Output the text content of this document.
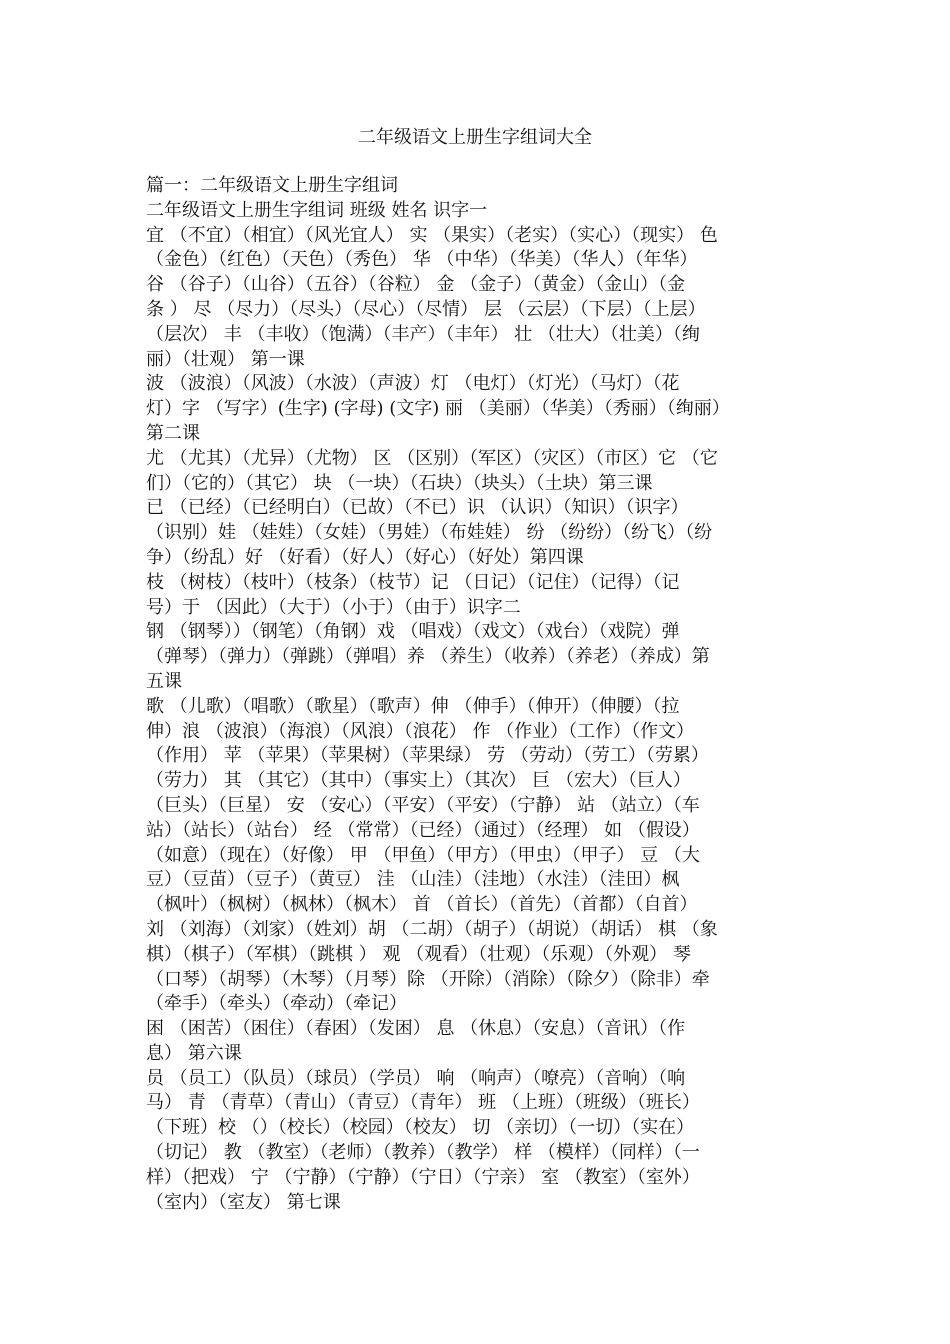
二年级语文上册生字组词大全
篇一：二年级语文上册生字组词
二年级语文上册生字组词 班级 姓名 识字一
宜 （不宜）（相宜）（风光宜人） 实 （果实）（老实）（实心）（现实） 色
（金色）（红色）（天色）（秀色） 华 （中华）（华美）（华人）（年华）
谷 （谷子）（山谷）（五谷）（谷粒） 金 （金子）（黄金）（金山）（金
条 ） 尽 （尽力）（尽头）（尽心）（尽情） 层 （云层）（下层）（上层）
（层次） 丰 （丰收）（饱满）（丰产）（丰年） 壮 （壮大）（壮美）（绚
丽）（壮观） 第一课
波 （波浪）（风波）（水波）（声波）灯 （电灯）（灯光）（马灯）（花
灯）字 （写字）(生字) (字母) (文字) 丽 （美丽）（华美）（秀丽）（绚丽）
第二课
尤 （尤其）（尤异）（尤物） 区 （区别）（军区）（灾区）（市区）它 （它
们）（它的）（其它） 块 （一块）（石块）（块头）（土块）第三课
已 （已经）（已经明白）（已故）（不已）识 （认识）（知识）（识字）
（识别）娃 （娃娃）（女娃）（男娃）（布娃娃） 纷 （纷纷）（纷飞）（纷
争）（纷乱）好 （好看）（好人）（好心）（好处）第四课
枝 （树枝）（枝叶）（枝条）（枝节）记 （日记）（记住）（记得）（记
号）于 （因此）（大于）（小于）（由于）识字二
钢 （钢琴））（钢笔）（角钢）戏 （唱戏）（戏文）（戏台）（戏院）弹
（弹琴）（弹力）（弹跳）（弹唱）养 （养生）（收养）（养老）（养成）第
五课
歌 （儿歌）（唱歌）（歌星）（歌声）伸 （伸手）（伸开）（伸腰）（拉
伸）浪 （波浪）（海浪）（风浪）（浪花） 作 （作业）（工作）（作文）
（作用） 苹 （苹果）（苹果树）（苹果绿） 劳 （劳动）（劳工）（劳累）
（劳力） 其 （其它）（其中）（事实上）（其次） 巨 （宏大）（巨人）
（巨头）（巨星） 安 （安心）（平安）（平安）（宁静） 站 （站立）（车
站）（站长）（站台） 经 （常常）（已经）（通过）（经理） 如 （假设）
（如意）（现在）（好像） 甲 （甲鱼）（甲方）（甲虫）（甲子） 豆 （大
豆）（豆苗）（豆子）（黄豆） 洼 （山洼）（洼地）（水洼）（洼田）枫
（枫叶）（枫树）（枫林）（枫木） 首 （首长）（首先）（首都）（自首）
刘 （刘海）（刘家）（姓刘）胡 （二胡）（胡子）（胡说）（胡话） 棋 （象
棋）（棋子）（军棋）（跳棋 ） 观 （观看）（壮观）（乐观）（外观） 琴
（口琴）（胡琴）（木琴）（月琴）除 （开除）（消除）（除夕）（除非）牵
（牵手）（牵头）（牵动）（牵记）
困 （困苦）（困住）（春困）（发困） 息 （休息）（安息）（音讯）（作
息） 第六课
员 （员工）（队员）（球员）（学员） 响 （响声）（嘹亮）（音响）（响
马） 青 （青草）（青山）（青豆）（青年） 班 （上班）（班级）（班长）
（下班）校 （）（校长）（校园）（校友） 切 （亲切）（一切）（实在）
（切记） 教 （教室）（老师）（教养）（教学） 样 （模样）（同样）（一
样）（把戏） 宁 （宁静）（宁静）（宁日）（宁亲） 室 （教室）（室外）
（室内）（室友） 第七课
